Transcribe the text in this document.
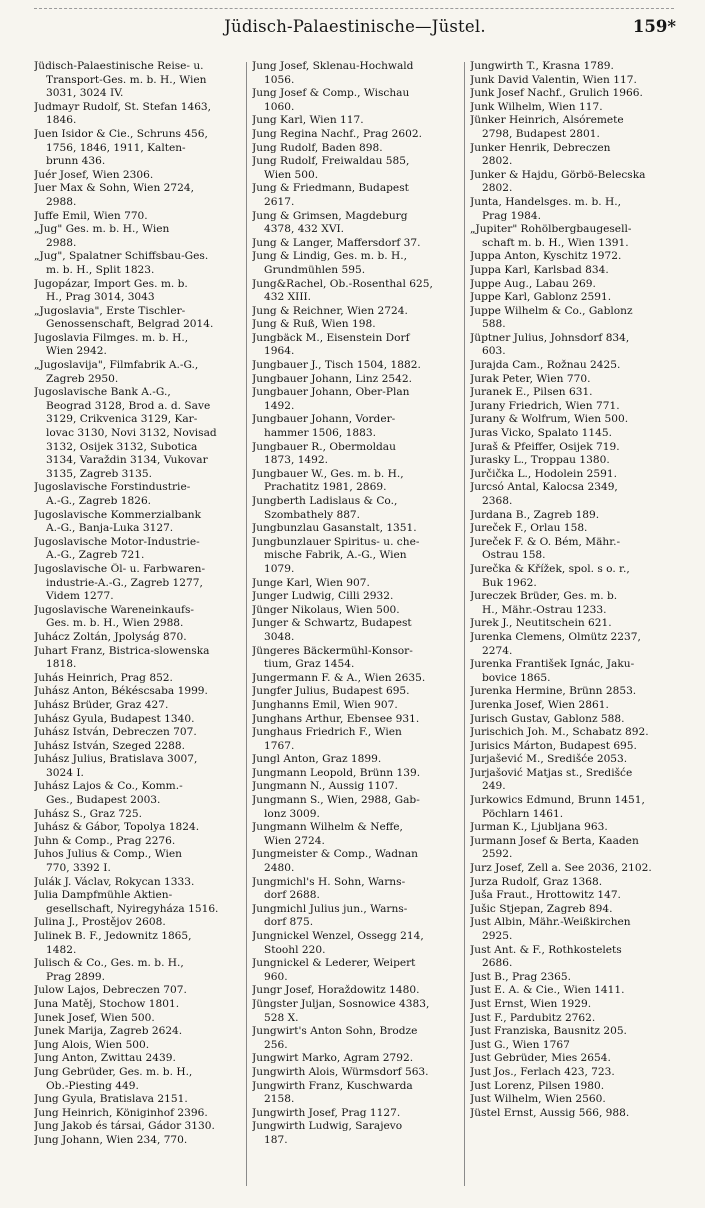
Jüdisch-Palaestinische—Jüstel.	159*
Jüdisch-Palaestinische Reise- u.
Transport-Ges. m. b. H., Wien
3031, 3024 IV.
Judmayr Rudolf, St. Stefan 1463,
1846.
Juen Isidor & Cie., Schruns 456,
1756, 1846, 1911, Kalten-
brunn 436.
Juér Josef, Wien 2306.
Juer Max & Sohn, Wien 2724,
2988.
Juffe Emil, Wien 770.
„Jug" Ges. m. b. H., Wien
2988.
„Jug", Spalatner Schiffsbau-Ges.
m. b. H., Split 1823.
Jugopázar, Import Ges. m. b.
H., Prag 3014, 3043
„Jugoslavia", Erste Tischler-
Genossenschaft, Belgrad 2014.
Jugoslavia Filmges. m. b. H.,
Wien 2942.
„Jugoslavija", Filmfabrik A.-G.,
Zagreb 2950.
Jugoslavische Bank A.-G.,
Beograd 3128, Brod a. d. Save
3129, Crikvenica 3129, Kar-
lovac 3130, Novi 3132, Novisad
3132, Osijek 3132, Subotica
3134, Varaždin 3134, Vukovar
3135, Zagreb 3135.
Jugoslavische Forstindustrie-
A.-G., Zagreb 1826.
Jugoslavische Kommerzialbank
A.-G., Banja-Luka 3127.
Jugoslavische Motor-Industrie-
A.-G., Zagreb 721.
Jugoslavische Öl- u. Farbwaren-
industrie-A.-G., Zagreb 1277,
Videm 1277.
Jugoslavische Wareneinkaufs-
Ges. m. b. H., Wien 2988.
Juhácz Zoltán, Jpolyság 870.
Juhart Franz, Bistrica-slowenska
1818.
Juhás Heinrich, Prag 852.
Juhász Anton, Békéscsaba 1999.
Juhász Brüder, Graz 427.
Juhász Gyula, Budapest 1340.
Juhász István, Debreczen 707.
Juhász István, Szeged 2288.
Juhász Julius, Bratislava 3007,
3024 I.
Juhász Lajos & Co., Komm.-
Ges., Budapest 2003.
Juhász S., Graz 725.
Juhász & Gábor, Topolya 1824.
Juhn & Comp., Prag 2276.
Juhos Julius & Comp., Wien
770, 3392 I.
Julák J. Václav, Rokycan 1333.
Julia Dampfmühle Aktien-
gesellschaft, Nyiregyháza 1516.
Julina J., Prostějov 2608.
Julinek B. F., Jedownitz 1865,
1482.
Julisch & Co., Ges. m. b. H.,
Prag 2899.
Julow Lajos, Debreczen 707.
Juna Matěj, Stochow 1801.
Junek Josef, Wien 500.
Junek Marija, Zagreb 2624.
Jung Alois, Wien 500.
Jung Anton, Zwittau 2439.
Jung Gebrüder, Ges. m. b. H.,
Ob.-Piesting 449.
Jung Gyula, Bratislava 2151.
Jung Heinrich, Königinhof 2396.
Jung Jakob és társai, Gádor 3130.
Jung Johann, Wien 234, 770.
Jung Josef, Sklenau-Hochwald
1056.
Jung Josef & Comp., Wischau
1060.
Jung Karl, Wien 117.
Jung Regina Nachf., Prag 2602.
Jung Rudolf, Baden 898.
Jung Rudolf, Freiwaldau 585,
Wien 500.
Jung & Friedmann, Budapest
2617.
Jung & Grimsen, Magdeburg
4378, 432 XVI.
Jung & Langer, Maffersdorf 37.
Jung & Lindig, Ges. m. b. H.,
Grundmühlen 595.
Jung&Rachel, Ob.-Rosenthal 625,
432 XIII.
Jung & Reichner, Wien 2724.
Jung & Ruß, Wien 198.
Jungbäck M., Eisenstein Dorf
1964.
Jungbauer J., Tisch 1504, 1882.
Jungbauer Johann, Linz 2542.
Jungbauer Johann, Ober-Plan
1492.
Jungbauer Johann, Vorder-
hammer 1506, 1883.
Jungbauer R., Obermoldau
1873, 1492.
Jungbauer W., Ges. m. b. H.,
Prachatitz 1981, 2869.
Jungberth Ladislaus & Co.,
Szombathely 887.
Jungbunzlau Gasanstalt, 1351.
Jungbunzlauer Spiritus- u. che-
mische Fabrik, A.-G., Wien
1079.
Junge Karl, Wien 907.
Junger Ludwig, Cilli 2932.
Jünger Nikolaus, Wien 500.
Junger & Schwartz, Budapest
3048.
Jüngeres Bäckermühl-Konsor-
tium, Graz 1454.
Jungermann F. & A., Wien 2635.
Jungfer Julius, Budapest 695.
Junghanns Emil, Wien 907.
Junghans Arthur, Ebensee 931.
Junghaus Friedrich F., Wien
1767.
Jungl Anton, Graz 1899.
Jungmann Leopold, Brünn 139.
Jungmann N., Aussig 1107.
Jungmann S., Wien, 2988, Gab-
lonz 3009.
Jungmann Wilhelm & Neffe,
Wien 2724.
Jungmeister & Comp., Wadnan
2480.
Jungmichl's H. Sohn, Warns-
dorf 2688.
Jungmichl Julius jun., Warns-
dorf 875.
Jungnickel Wenzel, Ossegg 214,
Stoohl 220.
Jungnickel & Lederer, Weipert
960.
Jungr Josef, Horaždowitz 1480.
Jüngster Juljan, Sosnowice 4383,
528 X.
Jungwirt's Anton Sohn, Brodze
256.
Jungwirt Marko, Agram 2792.
Jungwirth Alois, Würmsdorf 563.
Jungwirth Franz, Kuschwarda
2158.
Jungwirth Josef, Prag 1127.
Jungwirth Ludwig, Sarajevo
187.
Jungwirth T., Krasna 1789.
Junk David Valentin, Wien 117.
Junk Josef Nachf., Grulich 1966.
Junk Wilhelm, Wien 117.
Jünker Heinrich, Alsóremete
2798, Budapest 2801.
Junker Henrik, Debreczen
2802.
Junker & Hajdu, Görbö-Belecska
2802.
Junta, Handelsges. m. b. H.,
Prag 1984.
„Jupiter" Rohölbergbaugesell-
schaft m. b. H., Wien 1391.
Juppa Anton, Kyschitz 1972.
Juppa Karl, Karlsbad 834.
Juppe Aug., Labau 269.
Juppe Karl, Gablonz 2591.
Juppe Wilhelm & Co., Gablonz
588.
Jüptner Julius, Johnsdorf 834,
603.
Jurajda Cam., Rožnau 2425.
Jurak Peter, Wien 770.
Juranek E., Pilsen 631.
Jurany Friedrich, Wien 771.
Jurany & Wolfrum, Wien 500.
Juras Vicko, Spalato 1145.
Juraš & Pfeiffer, Osijek 719.
Jurasky L., Troppau 1380.
Jurčička L., Hodolein 2591.
Jurcsó Antal, Kalocsa 2349,
2368.
Jurdana B., Zagreb 189.
Jureček F., Orlau 158.
Jureček F. & O. Bém, Mähr.-
Ostrau 158.
Jurečka & Křížek, spol. s o. r.,
Buk 1962.
Jureczek Brüder, Ges. m. b.
H., Mähr.-Ostrau 1233.
Jurek J., Neutitschein 621.
Jurenka Clemens, Olmütz 2237,
2274.
Jurenka František Ignác, Jaku-
bovice 1865.
Jurenka Hermine, Brünn 2853.
Jurenka Josef, Wien 2861.
Jurisch Gustav, Gablonz 588.
Jurischich Joh. M., Schabatz 892.
Jurisics Márton, Budapest 695.
Jurjašević M., Središće 2053.
Jurjašović Matjas st., Središće
249.
Jurkowics Edmund, Brunn 1451,
Pöchlarn 1461.
Jurman K., Ljubljana 963.
Jurmann Josef & Berta, Kaaden
2592.
Jurz Josef, Zell a. See 2036, 2102.
Jurza Rudolf, Graz 1368.
Juša Fraut., Hrottowitz 147.
Jušic Stjepan, Zagreb 894.
Just Albin, Mähr.-Weißkirchen
2925.
Just Ant. & F., Rothkostelets
2686.
Just B., Prag 2365.
Just E. A. & Cie., Wien 1411.
Just Ernst, Wien 1929.
Just F., Pardubitz 2762.
Just Franziska, Bausnitz 205.
Just G., Wien 1767
Just Gebrüder, Mies 2654.
Just Jos., Ferlach 423, 723.
Just Lorenz, Pilsen 1980.
Just Wilhelm, Wien 2560.
Jüstel Ernst, Aussig 566, 988.
